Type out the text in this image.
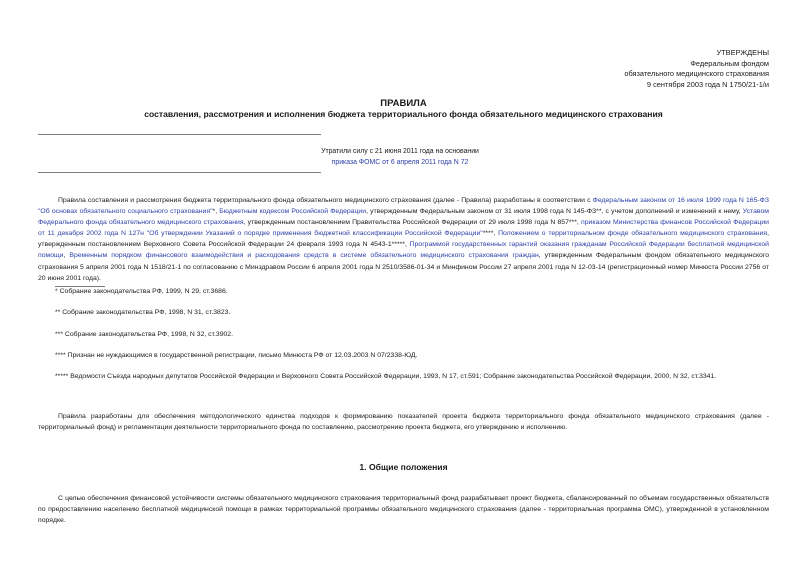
УТВЕРЖДЕНЫ
Федеральным фондом
обязательного медицинского страхования
9 сентября 2003 года N 1750/21-1/и
ПРАВИЛА
составления, рассмотрения и исполнения бюджета территориального фонда обязательного медицинского страхования
Утратили силу с 21 июня 2011 года на основании
приказа ФОМС от 6 апреля 2011 года N 72
Правила составления и рассмотрения бюджета территориального фонда обязательного медицинского страхования (далее - Правила) разработаны в соответствии с Федеральным законом от 16 июля 1999 года N 165-ФЗ "Об основах обязательного социального страхования"*, Бюджетным кодексом Российской Федерации, утвержденным Федеральным законом от 31 июля 1998 года N 145-ФЗ**, с учетом дополнений и изменений к нему, Уставом Федерального фонда обязательного медицинского страхования, утвержденным постановлением Правительства Российской Федерации от 29 июля 1998 года N 857***, приказом Министерства финансов Российской Федерации от 11 декабря 2002 года N 127н "Об утверждении Указаний о порядке применения бюджетной классификации Российской Федерации"****, Положением о территориальном фонде обязательного медицинского страхования, утвержденным постановлением Верховного Совета Российской Федерации 24 февраля 1993 года N 4543-1*****, Программой государственных гарантий оказания гражданам Российской Федерации бесплатной медицинской помощи, Временным порядком финансового взаимодействия и расходования средств в системе обязательного медицинского страхования граждан, утвержденным Федеральным фондом обязательного медицинского страхования 5 апреля 2001 года N 1518/21-1 по согласованию с Минздравом России 6 апреля 2001 года N 2510/3586-01-34 и Минфином России 27 апреля 2001 года N 12-03-14 (регистрационный номер Минюста России 2756 от 20 июня 2001 года).
* Собрание законодательства РФ, 1999, N 29, ст.3686.
** Собрание законодательства РФ, 1998, N 31, ст.3823.
*** Собрание законодательства РФ, 1998, N 32, ст.3902.
**** Признан не нуждающимся в государственной регистрации, письмо Минюста РФ от 12.03.2003 N 07/2338-ЮД.
***** Ведомости Съезда народных депутатов Российской Федерации и Верховного Совета Российской Федерации, 1993, N 17, ст.591; Собрание законодательства Российской Федерации, 2000, N 32, ст.3341.
Правила разработаны для обеспечения методологического единства подходов к формированию показателей проекта бюджета территориального фонда обязательного медицинского страхования (далее - территориальный фонд) и регламентации деятельности территориального фонда по составлению, рассмотрению проекта бюджета, его утверждению и исполнению.
1. Общие положения
С целью обеспечения финансовой устойчивости системы обязательного медицинского страхования территориальный фонд разрабатывает проект бюджета, сбалансированный по объемам государственных обязательств по предоставлению населению бесплатной медицинской помощи в рамках территориальной программы обязательного медицинского страхования (далее - территориальная программа ОМС), утвержденной в установленном порядке.
